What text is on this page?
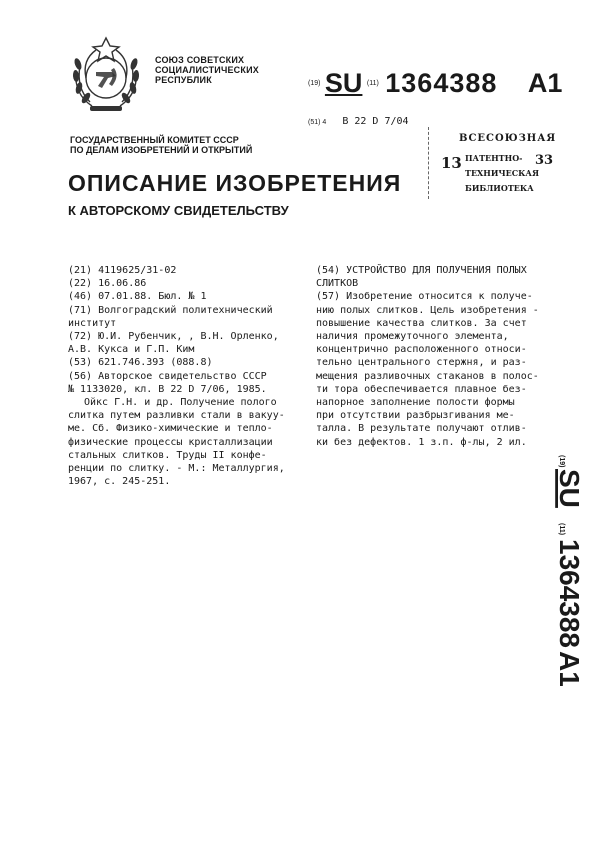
СОЮЗ СОВЕТСКИХ
СОЦИАЛИСТИЧЕСКИХ
РЕСПУБЛИК	(19) SU (11) 1364388 A1
(51) 4 В 22 D 7/04
ГОСУДАРСТВЕННЫЙ КОМИТЕТ СССР
ПО ДЕЛАМ ИЗОБРЕТЕНИЙ И ОТКРЫТИЙ
ВСЕСОЮЗНАЯ
13 ПАТЕНТНО-
ТЕХНИЧЕСКАЯ
БИБЛИОТЕКА
33
ОПИСАНИЕ ИЗОБРЕТЕНИЯ
К АВТОРСКОМУ СВИДЕТЕЛЬСТВУ
(21) 4119625/31-02
(22) 16.06.86
(46) 07.01.88. Бюл. № 1
(71) Волгоградский политехнический
институт
(72) Ю.И. Рубенчик, , В.Н. Орленко,
А.В. Кукса и Г.П. Ким
(53) 621.746.393 (088.8)
(56) Авторское свидетельство СССР
№ 1133020, кл. В 22 D 7/06, 1985.
Ойкс Г.Н. и др. Получение полого
слитка путем разливки стали в вакуу-
ме. Сб. Физико-химические и тепло-
физические процессы кристаллизации
стальных слитков. Труды II конфе-
ренции по слитку. - М.: Металлургия,
1967, с. 245-251.
(54) УСТРОЙСТВО ДЛЯ ПОЛУЧЕНИЯ ПОЛЫХ
СЛИТКОВ
(57) Изобретение относится к получе-
нию полых слитков. Цель изобретения -
повышение качества слитков. За счет
наличия промежуточного элемента,
концентрично расположенного относи-
тельно центрального стержня, и раз-
мещения разливочных стаканов в полос-
ти тора обеспечивается плавное без-
напорное заполнение полости формы
при отсутствии разбрызгивания ме-
талла. В результате получают отлив-
ки без дефектов. 1 з.п. ф-лы, 2 ил.
(19)
SU
(11)
1364388
A1
